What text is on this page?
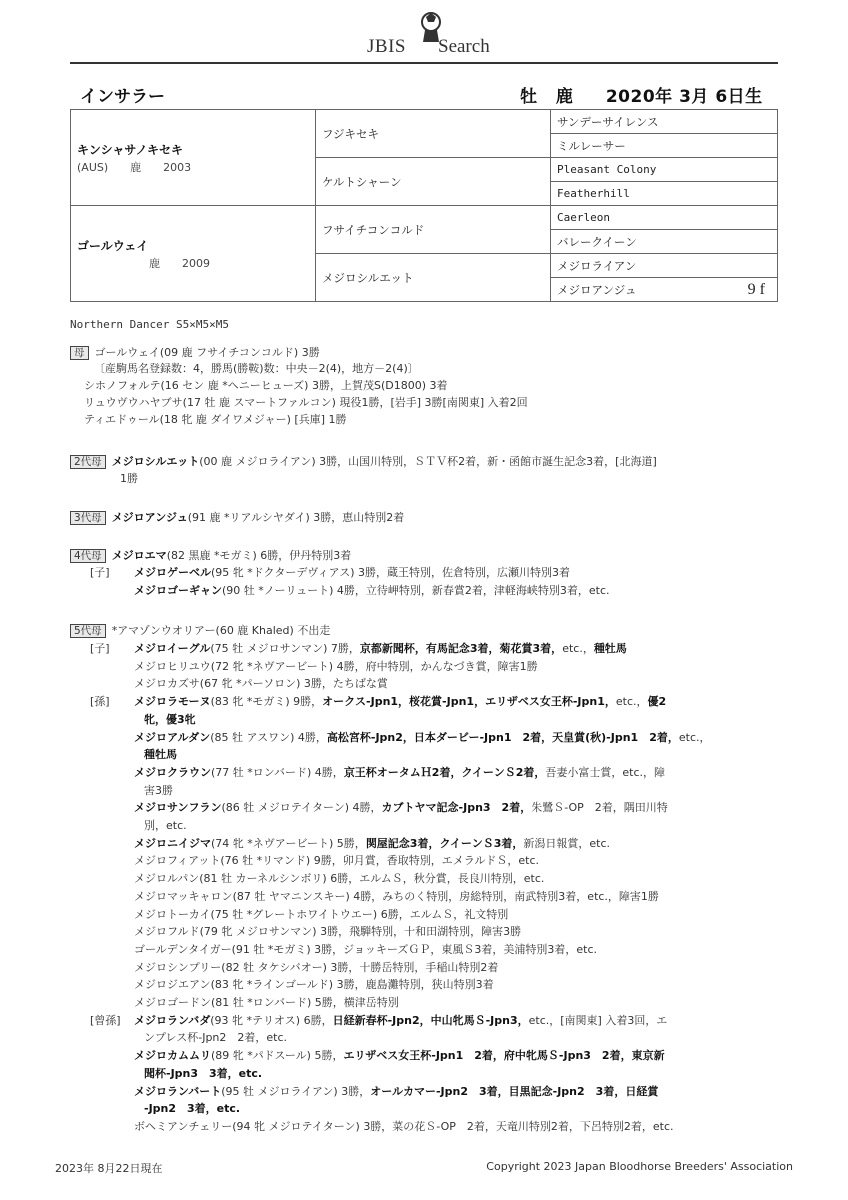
JBIS Search
インサラー	牡 鹿 2020年 3月 6日生
キンシャサノキセキ
(AUS)　　鹿　　2003	フジキセキ	サンデーサイレンス
		ミルレーサー
	ケルトシャーン	Pleasant Colony
		Featherhill

ゴールウェイ
鹿　　2009	フサイチコンコルド	Caerleon
		バレークイーン
	メジロシルエット	メジロライアン

		メジロアンジュ 9 f
Northern Dancer S5×M5×M5
母 ゴールウェイ(09 鹿 フサイチコンコルド) 3勝
〔産駒馬名登録数：4，勝馬(勝鞍)数：中央－2(4)，地方－2(4)〕
シホノフォルテ(16 セン 鹿 *ヘニーヒューズ) 3勝，上賀茂S(D1800) 3着
リュウヴウハヤブサ(17 牡 鹿 スマートファルコン) 現役1勝，[岩手] 3勝[南関東] 入着2回
ティエドゥール(18 牝 鹿 ダイワメジャー) [兵庫] 1勝
2代母 メジロシルエット(00 鹿 メジロライアン) 3勝，山国川特別，ＳＴＶ杯2着，新・函館市誕生記念3着，[北海道]
1勝
3代母 メジロアンジュ(91 鹿 *リアルシヤダイ) 3勝，恵山特別2着
4代母 メジロエマ(82 黒鹿 *モガミ) 6勝，伊丹特別3着
[子] メジロゲーベル(95 牝 *ドクターデヴィアス) 3勝，蔵王特別，佐倉特別，広瀬川特別3着
メジロゴーギャン(90 牡 *ノーリュート) 4勝，立待岬特別，新春賞2着，津軽海峡特別3着，etc.
5代母 *アマゾンウオリアー(60 鹿 Khaled) 不出走
[子] メジロイーグル(75 牡 メジロサンマン) 7勝，京都新聞杯，有馬記念3着，菊花賞3着，etc.，種牡馬
メジロヒリユウ(72 牝 *ネヴアービート) 4勝，府中特別，かんなづき賞，障害1勝
メジロカズサ(67 牝 *パーソロン) 3勝，たちばな賞
[孫] メジロラモーヌ(83 牝 *モガミ) 9勝，オークス-Jpn1，桜花賞-Jpn1，エリザベス女王杯-Jpn1，etc.，優2
牝，優3牝
メジロアルダン(85 牡 アスワン) 4勝，高松宮杯-Jpn2，日本ダービー-Jpn1　2着，天皇賞(秋)-Jpn1　2着，etc.，
種牡馬
メジロクラウン(77 牡 *ロンバード) 4勝，京王杯オータムＨ2着，クイーンＳ2着，吾妻小富士賞，etc.，障
害3勝
メジロサンフラン(86 牡 メジロテイターン) 4勝，カブトヤマ記念-Jpn3　2着，朱鷺Ｓ-OP　2着，隅田川特
別，etc.
メジロニイジマ(74 牝 *ネヴアービート) 5勝，関屋記念3着，クイーンＳ3着，新潟日報賞，etc.
メジロフィアット(76 牡 *リマンド) 9勝，卯月賞，香取特別，エメラルドＳ，etc.
メジロルパン(81 牡 カーネルシンボリ) 6勝，エルムＳ，秋分賞，長良川特別，etc.
メジロマッキャロン(87 牡 ヤマニンスキー) 4勝，みちのく特別，房総特別，南武特別3着，etc.，障害1勝
メジロトーカイ(75 牡 *グレートホワイトウエー) 6勝，エルムＳ，礼文特別
メジロフルド(79 牝 メジロサンマン) 3勝，飛騨特別，十和田湖特別，障害3勝
ゴールデンタイガー(91 牡 *モガミ) 3勝，ジョッキーズＧＰ，東風Ｓ3着，美浦特別3着，etc.
メジロシンプリー(82 牡 タケシバオー) 3勝，十勝岳特別，手稲山特別2着
メジロジエアン(83 牝 *ラインゴールド) 3勝，鹿島灘特別，狭山特別3着
メジロゴードン(81 牡 *ロンバード) 5勝，横津岳特別
[曾孫] メジロランバダ(93 牝 *テリオス) 6勝，日経新春杯-Jpn2，中山牝馬Ｓ-Jpn3，etc.，[南関東] 入着3回，エ
ンプレス杯-Jpn2　2着，etc.
メジロカムムリ(89 牝 *パドスール) 5勝，エリザベス女王杯-Jpn1　2着，府中牝馬Ｓ-Jpn3　2着，東京新
聞杯-Jpn3　3着，etc.
メジロランバート(95 牡 メジロライアン) 3勝，オールカマー-Jpn2　3着，目黒記念-Jpn2　3着，日経賞
-Jpn2　3着，etc.
ボヘミアンチェリー(94 牝 メジロテイターン) 3勝，菜の花Ｓ-OP　2着，天竜川特別2着，下呂特別2着，etc.
2023年 8月22日現在	Copyright 2023 Japan Bloodhorse Breeders' Association
